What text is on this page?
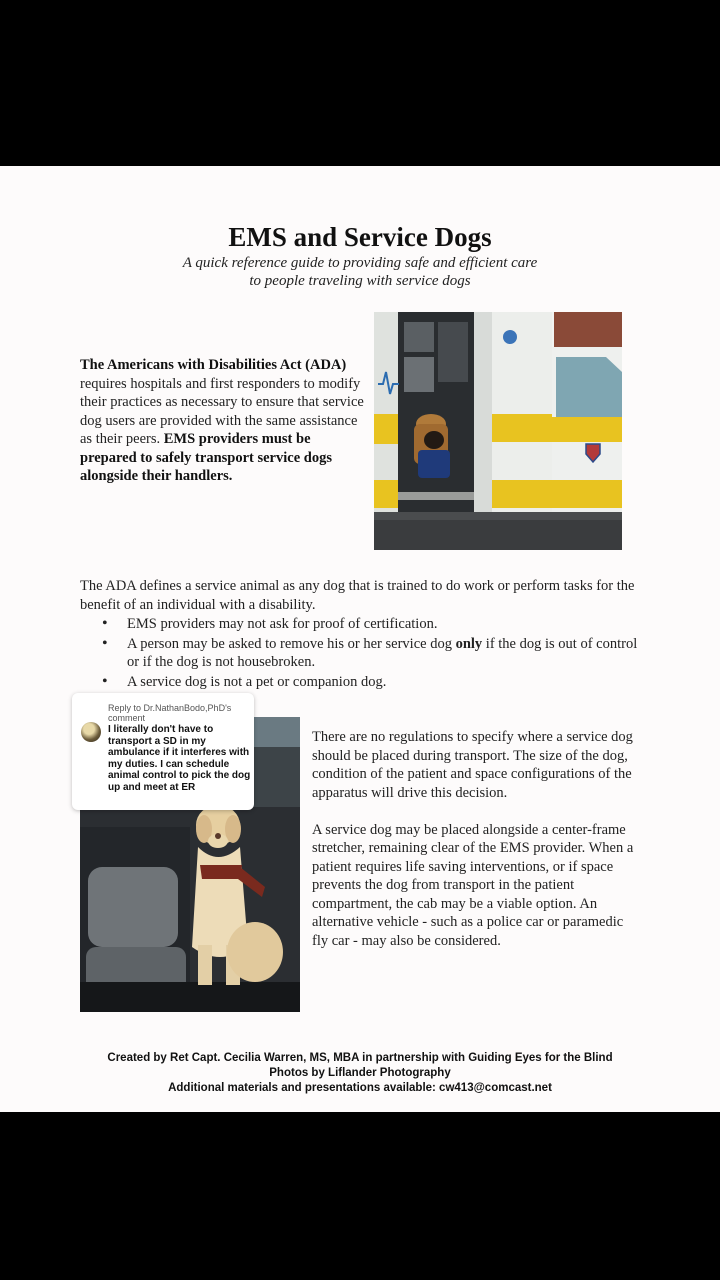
EMS and Service Dogs
A quick reference guide to providing safe and efficient care
to people traveling with service dogs
The Americans with Disabilities Act (ADA) requires hospitals and first responders to modify their practices as necessary to ensure that service dog users are provided with the same assistance as their peers. EMS providers must be prepared to safely transport service dogs alongside their handlers.
The ADA defines a service animal as any dog that is trained to do work or perform tasks for the benefit of an individual with a disability.
• EMS providers may not ask for proof of certification.
• A person may be asked to remove his or her service dog only if the dog is out of control or if the dog is not housebroken.
• A service dog is not a pet or companion dog.

There are no regulations to specify where a service dog should be placed during transport. The size of the dog, condition of the patient and space configurations of the apparatus will drive this decision.

A service dog may be placed alongside a center-frame stretcher, remaining clear of the EMS provider. When a patient requires life saving interventions, or if space prevents the dog from transport in the patient compartment, the cab may be a viable option. An alternative vehicle - such as a police car or paramedic fly car - may also be considered.

Created by Ret Capt. Cecilia Warren, MS, MBA in partnership with Guiding Eyes for the Blind
Photos by Liflander Photography
Additional materials and presentations available: cw413@comcast.net
Reply to Dr.NathanBodo,PhD's comment
I literally don't have to transport a SD in my ambulance if it interferes with my duties. I can schedule animal control to pick the dog up and meet at ER
